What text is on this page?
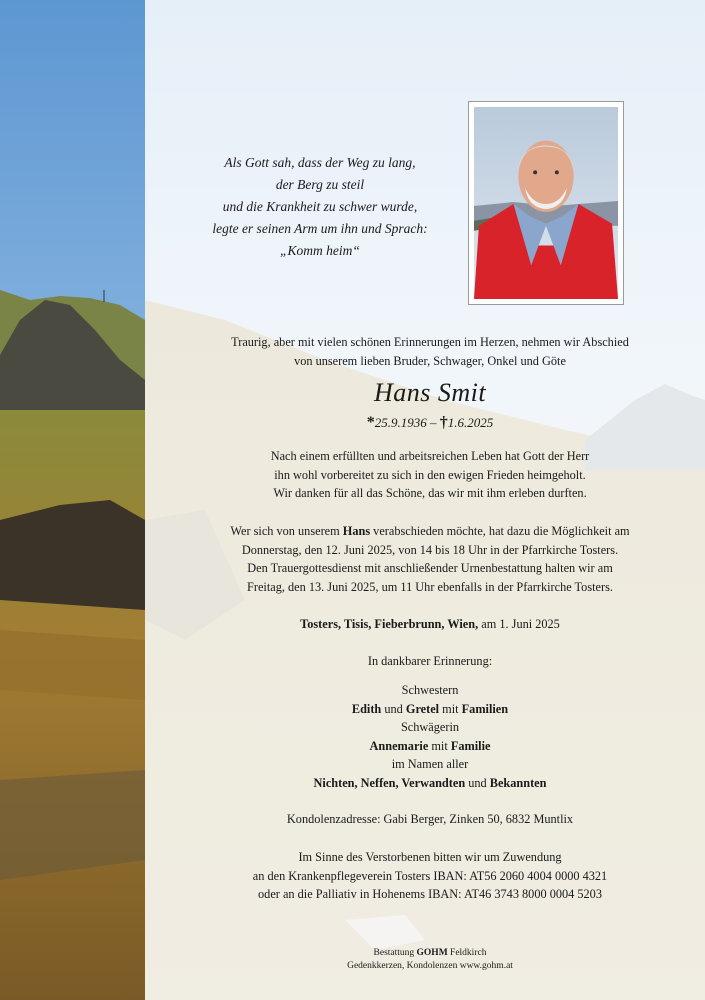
Als Gott sah, dass der Weg zu lang,

der Berg zu steil

und die Krankheit zu schwer wurde,

legte er seinen Arm um ihn und Sprach:

„Komm heim“

Traurig, aber mit vielen schönen Erinnerungen im Herzen, nehmen wir Abschied
von unserem lieben Bruder, Schwager, Onkel und Göte
Hans Smit
*25.9.1936 – †1.6.2025

Nach einem erfüllten und arbeitsreichen Leben hat Gott der Herr

ihn wohl vorbereitet zu sich in den ewigen Frieden heimgeholt.

Wir danken für all das Schöne, das wir mit ihm erleben durften.

Wer sich von unserem Hans verabschieden möchte, hat dazu die Möglichkeit am

Donnerstag, den 12. Juni 2025, von 14 bis 18 Uhr in der Pfarrkirche Tosters.

Den Trauergottesdienst mit anschließender Urnenbestattung halten wir am

Freitag, den 13. Juni 2025, um 11 Uhr ebenfalls in der Pfarrkirche Tosters.

Tosters, Tisis, Fieberbrunn, Wien, am 1. Juni 2025

In dankbarer Erinnerung:

Schwestern

Edith und Gretel mit Familien

Schwägerin

Annemarie mit Familie

im Namen aller

Nichten, Neffen, Verwandten und Bekannten

Kondolenzadresse: Gabi Berger, Zinken 50, 6832 Muntlix

Im Sinne des Verstorbenen bitten wir um Zuwendung

an den Krankenpflegeverein Tosters IBAN: AT56 2060 4004 0000 4321

oder an die Palliativ in Hohenems IBAN: AT46 3743 8000 0004 5203

Bestattung GOHM Feldkirch
Gedenkkerzen, Kondolenzen www.gohm.at
